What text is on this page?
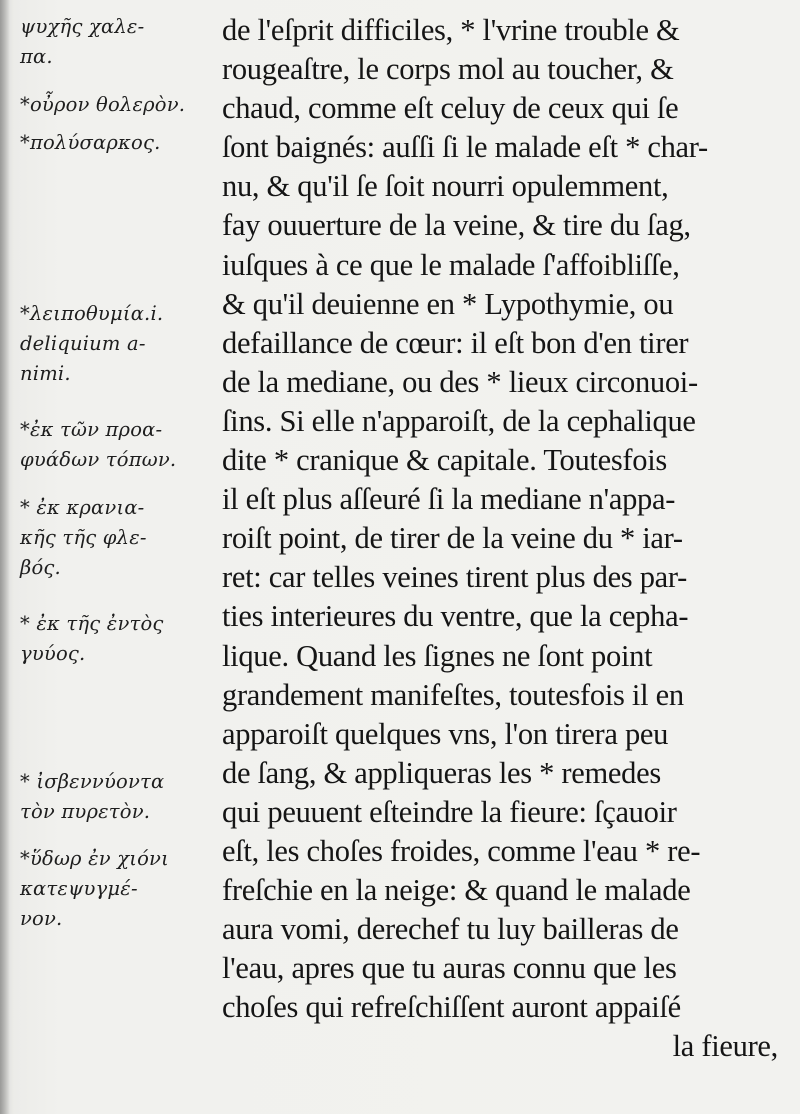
ψυχῆς χαλε-
πα.
*οὖρον θολερὸν.
*πολύσαρκος.
*λειποθυμία.i.
deliquium a-
nimi.
*ἐκ τῶν πρoα-
φυάδων τόπων.
* ἐκ κρανια-
κῆς τῆς φλε-
βός.
* ἐκ τῆς ἐντὸς
γυύος.
* ἰσβεννύοντα
τὸν πυρετὸν.
*ὕδωρ ἐν χιόνι
κατεψυγμέ-
νον.
de l'eſprit difficiles, * l'vrine trouble &
rougeaſtre, le corps mol au toucher, &
chaud, comme eſt celuy de ceux qui ſe
ſont baignés: auſſi ſi le malade eſt * char-
nu, & qu'il ſe ſoit nourri opulemment,
fay ouuerture de la veine, & tire du ſag,
iuſques à ce que le malade ſ'affoibliſſe,
& qu'il deuienne en * Lypothymie, ou
defaillance de cœur: il eſt bon d'en tirer
de la mediane, ou des * lieux circonuoi-
ſins. Si elle n'apparoiſt, de la cephalique
dite * cranique & capitale. Toutesfois
il eſt plus aſſeuré ſi la mediane n'appa-
roiſt point, de tirer de la veine du * iar-
ret: car telles veines tirent plus des par-
ties interieures du ventre, que la cepha-
lique. Quand les ſignes ne ſont point
grandement manifeſtes, toutesfois il en
apparoiſt quelques vns, l'on tirera peu
de ſang, & appliqueras les * remedes
qui peuuent eſteindre la fieure: ſçauoir
eſt, les choſes froides, comme l'eau * re-
freſchie en la neige: & quand le malade
aura vomi, derechef tu luy bailleras de
l'eau, apres que tu auras connu que les
choſes qui refreſchiſſent auront appaiſé
la fieure,
